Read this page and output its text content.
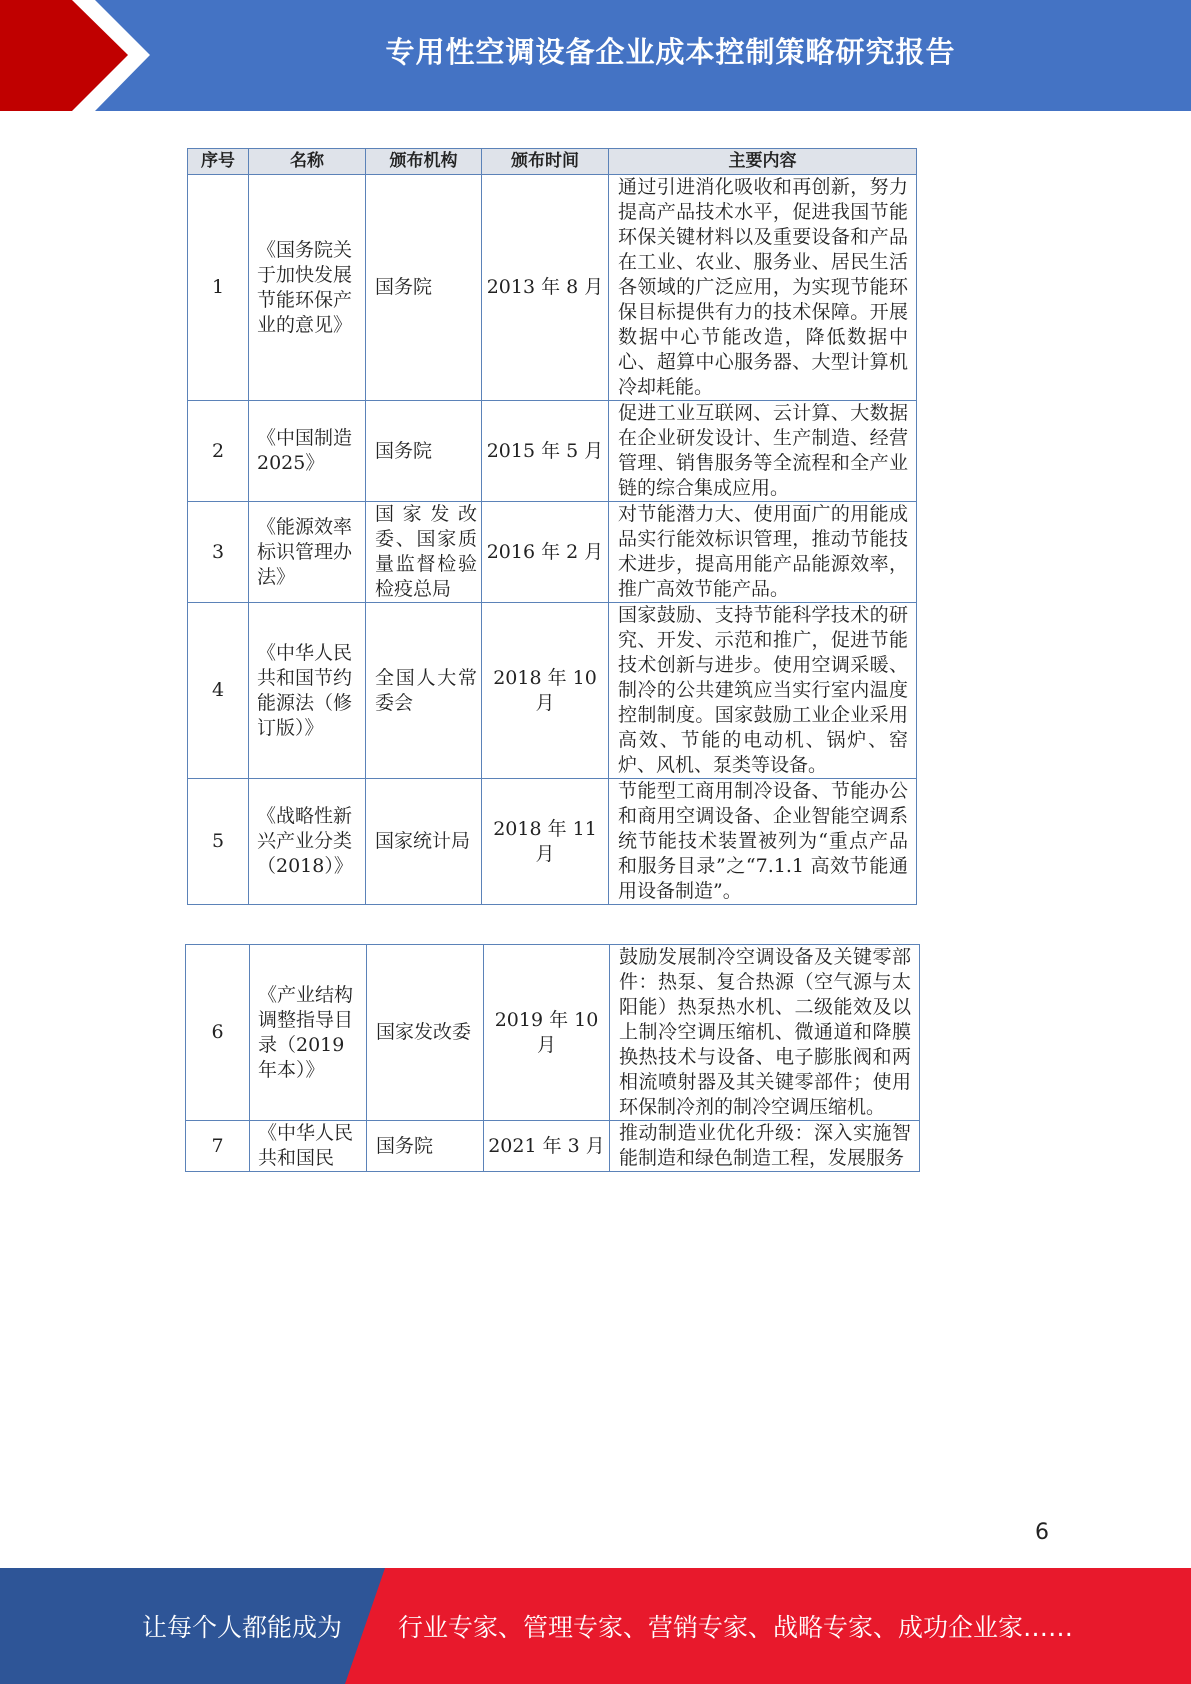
专用性空调设备企业成本控制策略研究报告
序号	名称	颁布机构	颁布时间	主要内容
1	《国务院关于加快发展节能环保产业的意见》	国务院	2013 年 8 月	通过引进消化吸收和再创新，努力提高产品技术水平，促进我国节能环保关键材料以及重要设备和产品在工业、农业、服务业、居民生活各领域的广泛应用，为实现节能环保目标提供有力的技术保障。开展数据中心节能改造，降低数据中心、超算中心服务器、大型计算机冷却耗能。
2	《中国制造2025》	国务院	2015 年 5 月	促进工业互联网、云计算、大数据在企业研发设计、生产制造、经营管理、销售服务等全流程和全产业链的综合集成应用。
3	《能源效率标识管理办法》	国家发改委、国家质量监督检验检疫总局	2016 年 2 月	对节能潜力大、使用面广的用能成品实行能效标识管理，推动节能技术进步，提高用能产品能源效率，推广高效节能产品。
4	《中华人民共和国节约能源法（修订版）》	全国人大常委会	2018 年 10 月	国家鼓励、支持节能科学技术的研究、开发、示范和推广，促进节能技术创新与进步。使用空调采暖、制冷的公共建筑应当实行室内温度控制制度。国家鼓励工业企业采用高效、节能的电动机、锅炉、窑炉、风机、泵类等设备。
5	《战略性新兴产业分类（2018）》	国家统计局	2018 年 11 月	节能型工商用制冷设备、节能办公和商用空调设备、企业智能空调系统节能技术装置被列为“重点产品和服务目录”之“7.1.1 高效节能通用设备制造”。
6	《产业结构调整指导目录（2019年本）》	国家发改委	2019 年 10 月	鼓励发展制冷空调设备及关键零部件：热泵、复合热源（空气源与太阳能）热泵热水机、二级能效及以上制冷空调压缩机、微通道和降膜换热技术与设备、电子膨胀阀和两相流喷射器及其关键零部件；使用环保制冷剂的制冷空调压缩机。
7	《中华人民共和国民	国务院	2021 年 3 月	推动制造业优化升级：深入实施智能制造和绿色制造工程，发展服务
6
让每个人都能成为 行业专家、管理专家、营销专家、战略专家、成功企业家……
